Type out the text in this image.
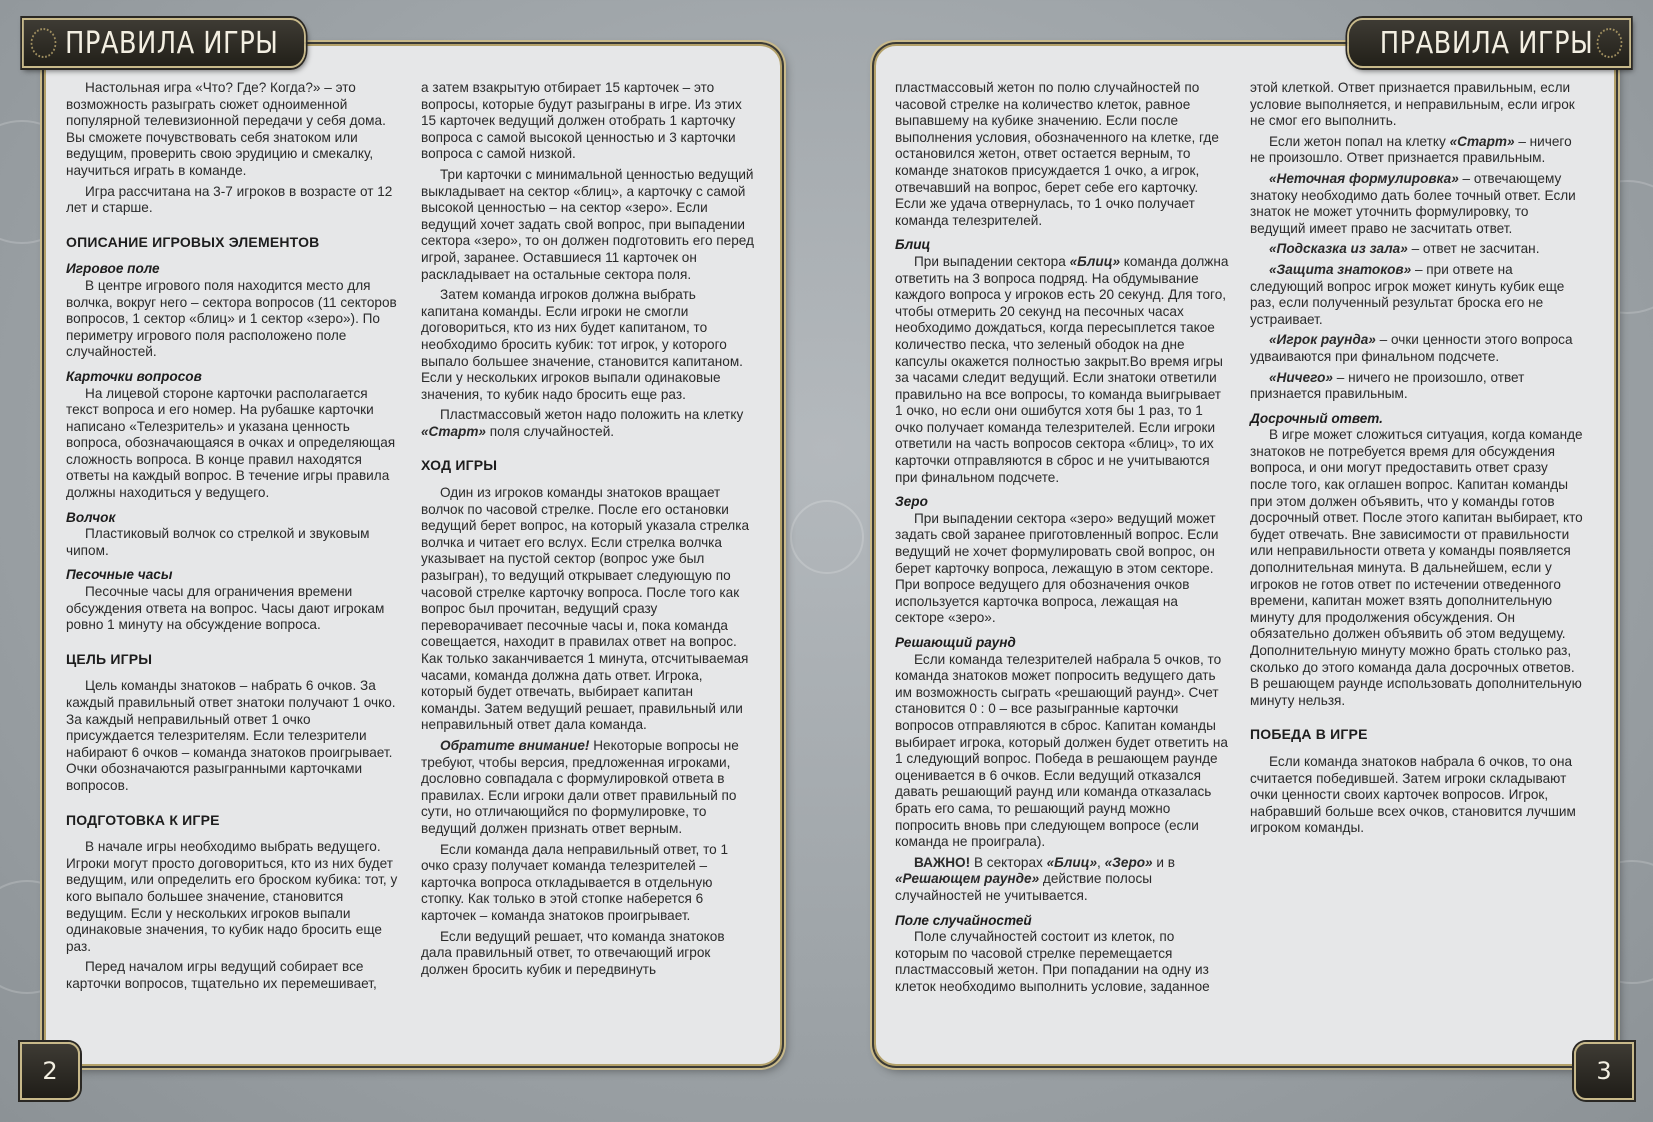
ПРАВИЛА ИГРЫ
2
ПРАВИЛА ИГРЫ
3

Настольная игра «Что? Где? Когда?» – это возможность разыграть сюжет одноименной популярной телевизионной передачи у себя дома. Вы сможете почувствовать себя знатоком или ведущим, проверить свою эрудицию и смекалку, научиться играть в команде.

Игра рассчитана на 3-7 игроков в возрасте от 12 лет и старше.

ОПИСАНИЕ ИГРОВЫХ ЭЛЕМЕНТОВ
Игровое поле

В центре игрового поля находится место для волчка, вокруг него – сектора вопросов (11 секторов вопросов, 1 сектор «блиц» и 1 сектор «зеро»). По периметру игрового поля расположено поле случайностей.

Карточки вопросов

На лицевой стороне карточки располагается текст вопроса и его номер. На рубашке карточки написано «Телезритель» и указана ценность вопроса, обозначающаяся в очках и определяющая сложность вопроса. В конце правил находятся ответы на каждый вопрос. В течение игры правила должны находиться у ведущего.

Волчок

Пластиковый волчок со стрелкой и звуковым чипом.

Песочные часы

Песочные часы для ограничения времени обсуждения ответа на вопрос. Часы дают игрокам ровно 1 минуту на обсуждение вопроса.

ЦЕЛЬ ИГРЫ

Цель команды знатоков – набрать 6 очков. За каждый правильный ответ знатоки получают 1 очко. За каждый неправильный ответ 1 очко присуждается телезрителям. Если телезрители набирают 6 очков – команда знатоков проигрывает. Очки обозначаются разыгранными карточками вопросов.

ПОДГОТОВКА К ИГРЕ

В начале игры необходимо выбрать ведущего. Игроки могут просто договориться, кто из них будет ведущим, или определить его броском кубика: тот, у кого выпало большее значение, становится ведущим. Если у нескольких игроков выпали одинаковые значения, то кубик надо бросить еще раз.

Перед началом игры ведущий собирает все карточки вопросов, тщательно их перемешивает,

а затем взакрытую отбирает 15 карточек – это вопросы, которые будут разыграны в игре. Из этих 15 карточек ведущий должен отобрать 1 карточку вопроса с самой высокой ценностью и 3 карточки вопроса с самой низкой.

Три карточки с минимальной ценностью ведущий выкладывает на сектор «блиц», а карточку с самой высокой ценностью – на сектор «зеро». Если ведущий хочет задать свой вопрос, при выпадении сектора «зеро», то он должен подготовить его перед игрой, заранее. Оставшиеся 11 карточек он раскладывает на остальные сектора поля.

Затем команда игроков должна выбрать капитана команды. Если игроки не смогли договориться, кто из них будет капитаном, то необходимо бросить кубик: тот игрок, у которого выпало большее значение, становится капитаном. Если у нескольких игроков выпали одинаковые значения, то кубик надо бросить еще раз.

Пластмассовый жетон надо положить на клетку «Старт» поля случайностей.

ХОД ИГРЫ

Один из игроков команды знатоков вращает волчок по часовой стрелке. После его остановки ведущий берет вопрос, на который указала стрелка волчка и читает его вслух. Если стрелка волчка указывает на пустой сектор (вопрос уже был разыгран), то ведущий открывает следующую по часовой стрелке карточку вопроса. После того как вопрос был прочитан, ведущий сразу переворачивает песочные часы и, пока команда совещается, находит в правилах ответ на вопрос. Как только заканчивается 1 минута, отсчитываемая часами, команда должна дать ответ. Игрока, который будет отвечать, выбирает капитан команды. Затем ведущий решает, правильный или неправильный ответ дала команда.

Обратите внимание! Некоторые вопросы не требуют, чтобы версия, предложенная игроками, дословно совпадала с формулировкой ответа в правилах. Если игроки дали ответ правильный по сути, но отличающийся по формулировке, то ведущий должен признать ответ верным.

Если команда дала неправильный ответ, то 1 очко сразу получает команда телезрителей – карточка вопроса откладывается в отдельную стопку. Как только в этой стопке наберется 6 карточек – команда знатоков проигрывает.

Если ведущий решает, что команда знатоков дала правильный ответ, то отвечающий игрок должен бросить кубик и передвинуть

пластмассовый жетон по полю случайностей по часовой стрелке на количество клеток, равное выпавшему на кубике значению. Если после выполнения условия, обозначенного на клетке, где остановился жетон, ответ остается верным, то команде знатоков присуждается 1 очко, а игрок, отвечавший на вопрос, берет себе его карточку. Если же удача отвернулась, то 1 очко получает команда телезрителей.

Блиц

При выпадении сектора «Блиц» команда должна ответить на 3 вопроса подряд. На обдумывание каждого вопроса у игроков есть 20 секунд. Для того, чтобы отмерить 20 секунд на песочных часах необходимо дождаться, когда пересыплется такое количество песка, что зеленый ободок на дне капсулы окажется полностью закрыт.Во время игры за часами следит ведущий. Если знатоки ответили правильно на все вопросы, то команда выигрывает 1 очко, но если они ошибутся хотя бы 1 раз, то 1 очко получает команда телезрителей. Если игроки ответили на часть вопросов сектора «блиц», то их карточки отправляются в сброс и не учитываются при финальном подсчете.

Зеро

При выпадении сектора «зеро» ведущий может задать свой заранее приготовленный вопрос. Если ведущий не хочет формулировать свой вопрос, он берет карточку вопроса, лежащую в этом секторе. При вопросе ведущего для обозначения очков используется карточка вопроса, лежащая на секторе «зеро».

Решающий раунд

Если команда телезрителей набрала 5 очков, то команда знатоков может попросить ведущего дать им возможность сыграть «решающий раунд». Счет становится 0 : 0 – все разыгранные карточки вопросов отправляются в сброс. Капитан команды выбирает игрока, который должен будет ответить на 1 следующий вопрос. Победа в решающем раунде оценивается в 6 очков. Если ведущий отказался давать решающий раунд или команда отказалась брать его сама, то решающий раунд можно попросить вновь при следующем вопросе (если команда не проиграла).

ВАЖНО! В секторах «Блиц», «Зеро» и в «Решающем раунде» действие полосы случайностей не учитывается.

Поле случайностей

Поле случайностей состоит из клеток, по которым по часовой стрелке перемещается пластмассовый жетон. При попадании на одну из клеток необходимо выполнить условие, заданное

этой клеткой. Ответ признается правильным, если условие выполняется, и неправильным, если игрок не смог его выполнить.

Если жетон попал на клетку «Старт» – ничего не произошло. Ответ признается правильным.

«Неточная формулировка» – отвечающему знатоку необходимо дать более точный ответ. Если знаток не может уточнить формулировку, то ведущий имеет право не засчитать ответ.

«Подсказка из зала» – ответ не засчитан.

«Защита знатоков» – при ответе на следующий вопрос игрок может кинуть кубик еще раз, если полученный результат броска его не устраивает.

«Игрок раунда» – очки ценности этого вопроса удваиваются при финальном подсчете.

«Ничего» – ничего не произошло, ответ признается правильным.

Досрочный ответ.

В игре может сложиться ситуация, когда команде знатоков не потребуется время для обсуждения вопроса, и они могут предоставить ответ сразу после того, как оглашен вопрос. Капитан команды при этом должен объявить, что у команды готов досрочный ответ. После этого капитан выбирает, кто будет отвечать. Вне зависимости от правильности или неправильности ответа у команды появляется дополнительная минута. В дальнейшем, если у игроков не готов ответ по истечении отведенного времени, капитан может взять дополнительную минуту для продолжения обсуждения. Он обязательно должен объявить об этом ведущему. Дополнительную минуту можно брать столько раз, сколько до этого команда дала досрочных ответов. В решающем раунде использовать дополнительную минуту нельзя.

ПОБЕДА В ИГРЕ

Если команда знатоков набрала 6 очков, то она считается победившей. Затем игроки складывают очки ценности своих карточек вопросов. Игрок, набравший больше всех очков, становится лучшим игроком команды.
